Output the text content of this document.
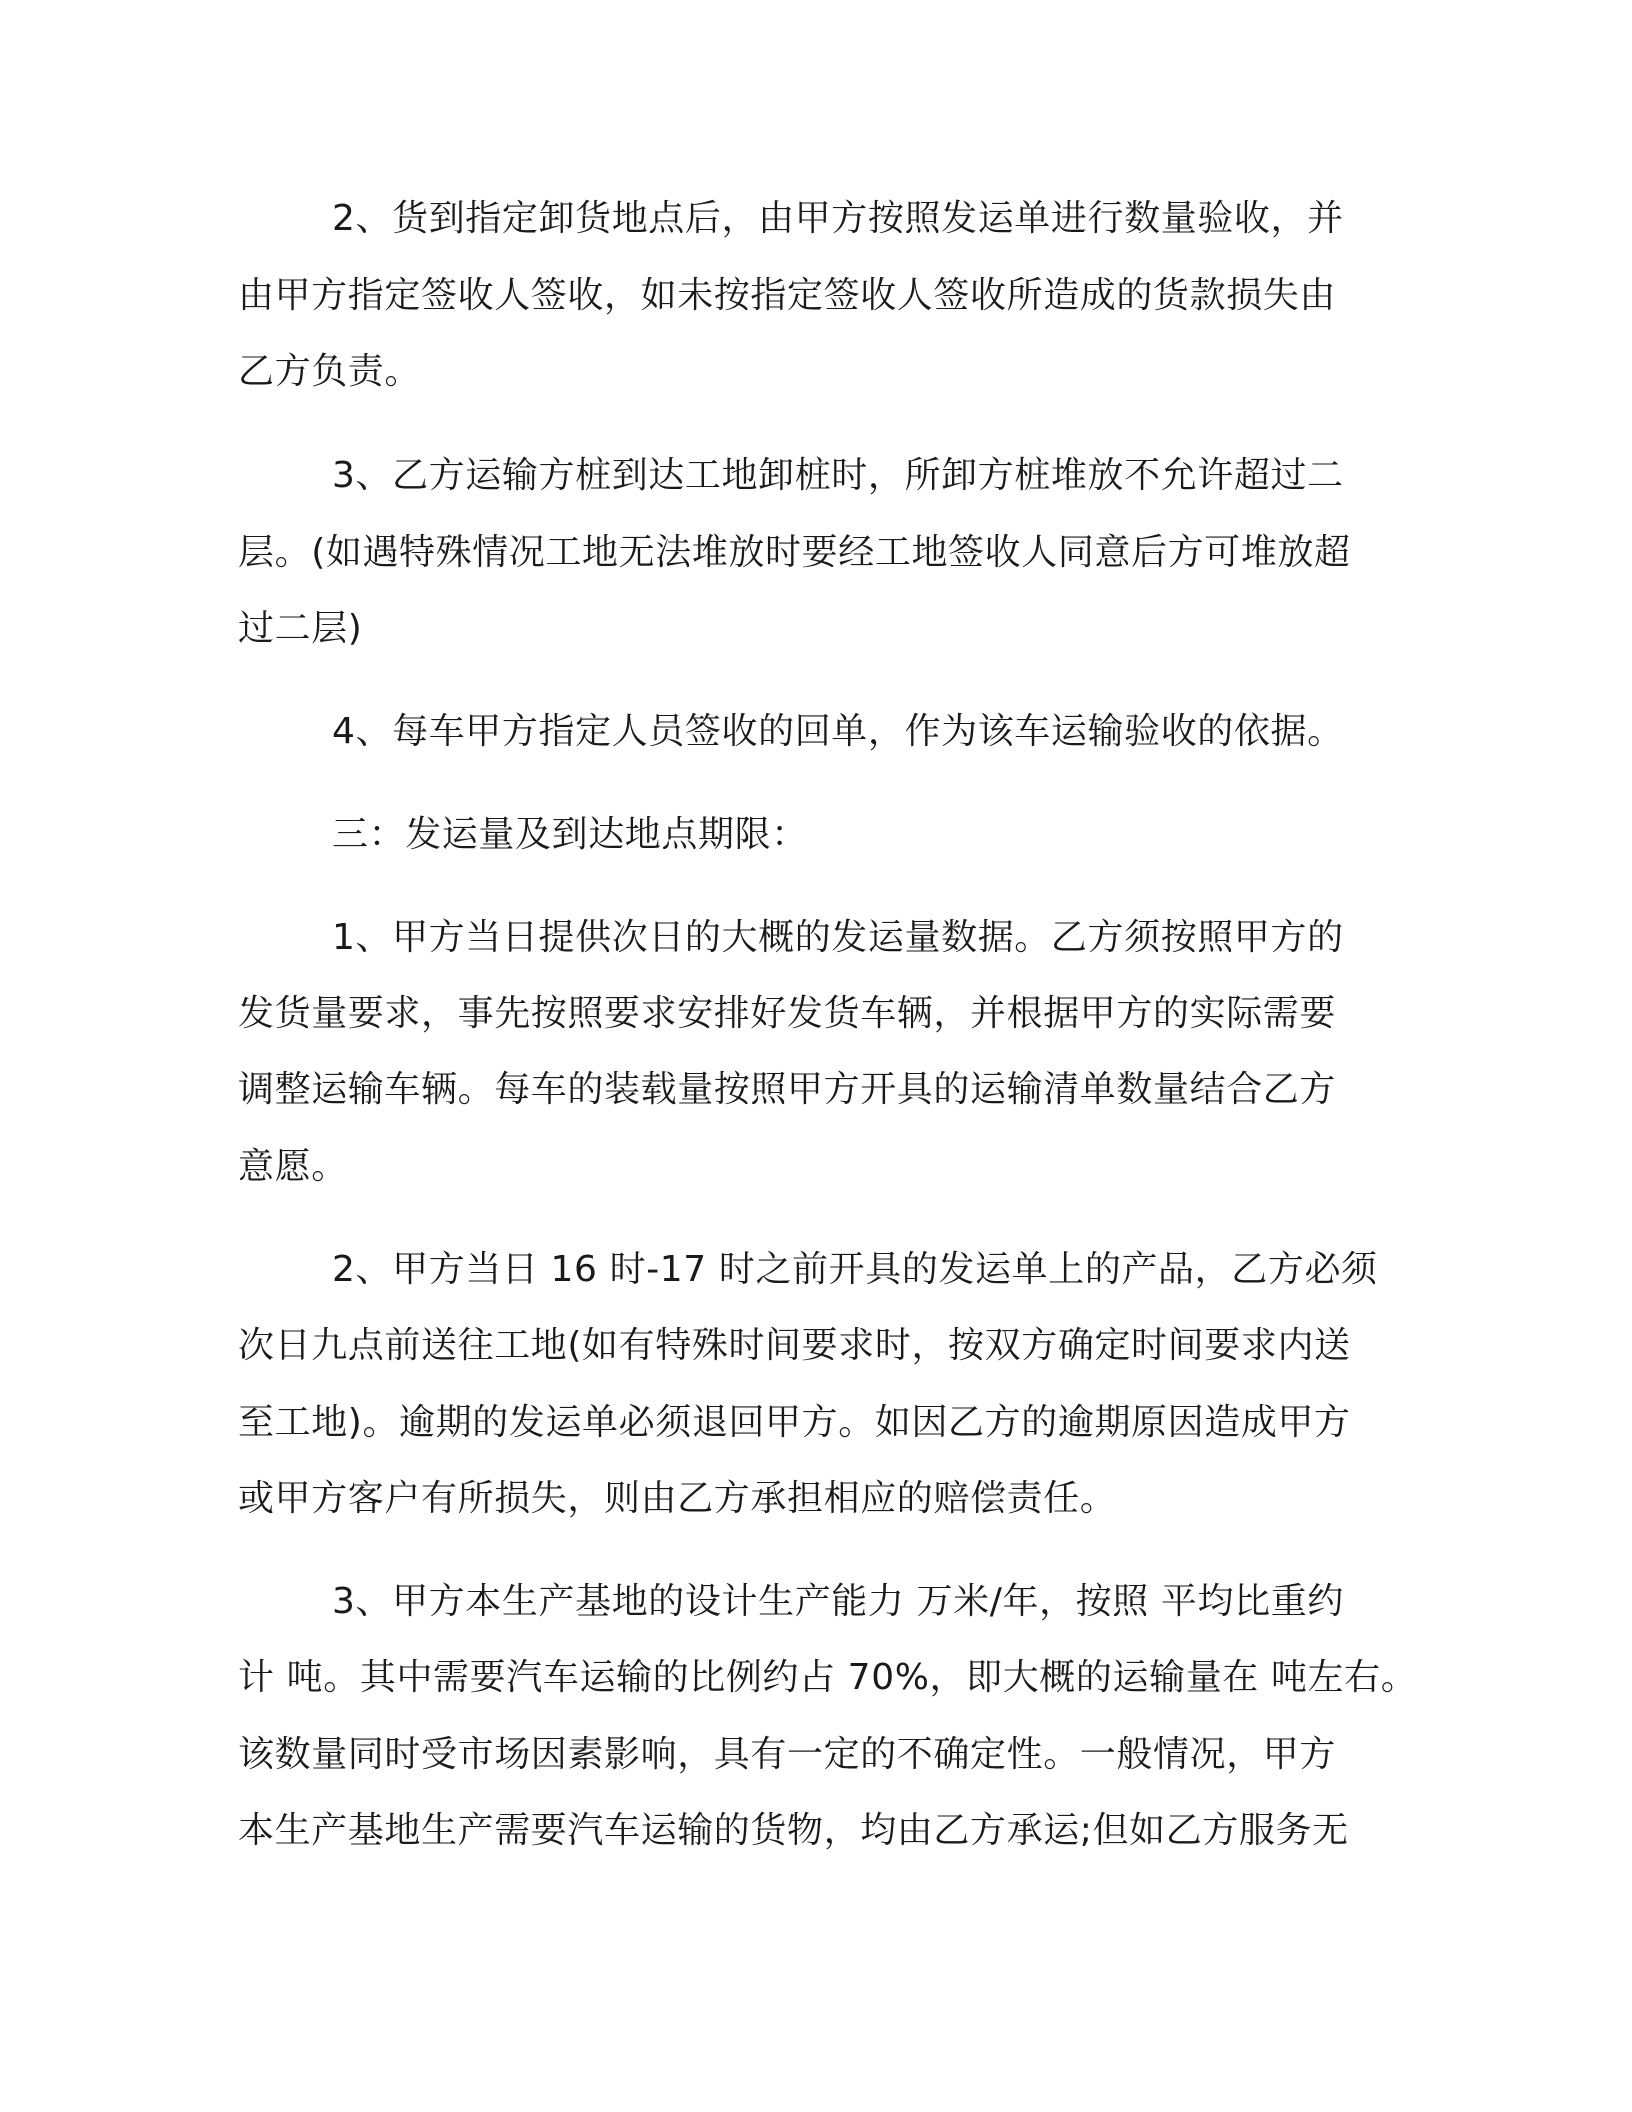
2、货到指定卸货地点后，由甲方按照发运单进行数量验收，并
由甲方指定签收人签收，如未按指定签收人签收所造成的货款损失由
乙方负责。
3、乙方运输方桩到达工地卸桩时，所卸方桩堆放不允许超过二
层。(如遇特殊情况工地无法堆放时要经工地签收人同意后方可堆放超
过二层)
4、每车甲方指定人员签收的回单，作为该车运输验收的依据。
三：发运量及到达地点期限：
1、甲方当日提供次日的大概的发运量数据。乙方须按照甲方的
发货量要求，事先按照要求安排好发货车辆，并根据甲方的实际需要
调整运输车辆。每车的装载量按照甲方开具的运输清单数量结合乙方
意愿。
2、甲方当日 16 时-17 时之前开具的发运单上的产品，乙方必须
次日九点前送往工地(如有特殊时间要求时，按双方确定时间要求内送
至工地)。逾期的发运单必须退回甲方。如因乙方的逾期原因造成甲方
或甲方客户有所损失，则由乙方承担相应的赔偿责任。
3、甲方本生产基地的设计生产能力 万米/年，按照 平均比重约
计 吨。其中需要汽车运输的比例约占 70%，即大概的运输量在 吨左右。
该数量同时受市场因素影响，具有一定的不确定性。一般情况，甲方
本生产基地生产需要汽车运输的货物，均由乙方承运;但如乙方服务无
